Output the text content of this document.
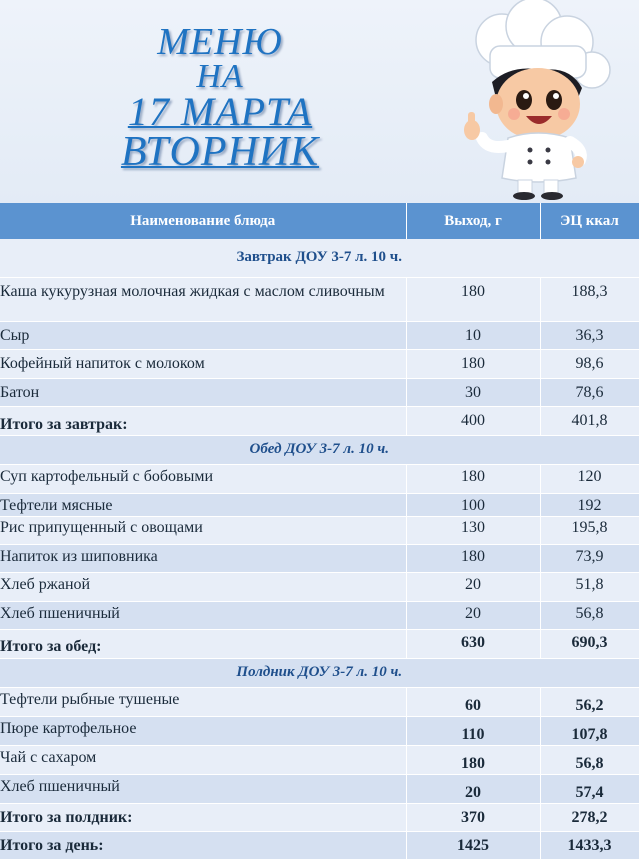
МЕНЮ
НА
17 МАРТА
ВТОРНИК
Наименование блюда	Выход, г	ЭЦ ккал
Завтрак ДОУ 3-7 л. 10 ч.		
Каша кукурузная молочная жидкая с маслом сливочным	180	188,3
Сыр	10	36,3
Кофейный напиток с молоком	180	98,6
Батон	30	78,6
Итого за завтрак:	400	401,8
Обед ДОУ 3-7 л. 10 ч.		
Суп картофельный с бобовыми	180	120
Тефтели мясные	100	192
Рис припущенный с овощами	130	195,8
Напиток из шиповника	180	73,9
Хлеб ржаной	20	51,8
Хлеб пшеничный	20	56,8
Итого за обед:	630	690,3
Полдник ДОУ 3-7 л. 10 ч.		
Тефтели рыбные тушеные	60	56,2
Пюре картофельное	110	107,8
Чай с сахаром	180	56,8
Хлеб пшеничный	20	57,4
Итого за полдник:	370	278,2
Итого за день:	1425	1433,3
